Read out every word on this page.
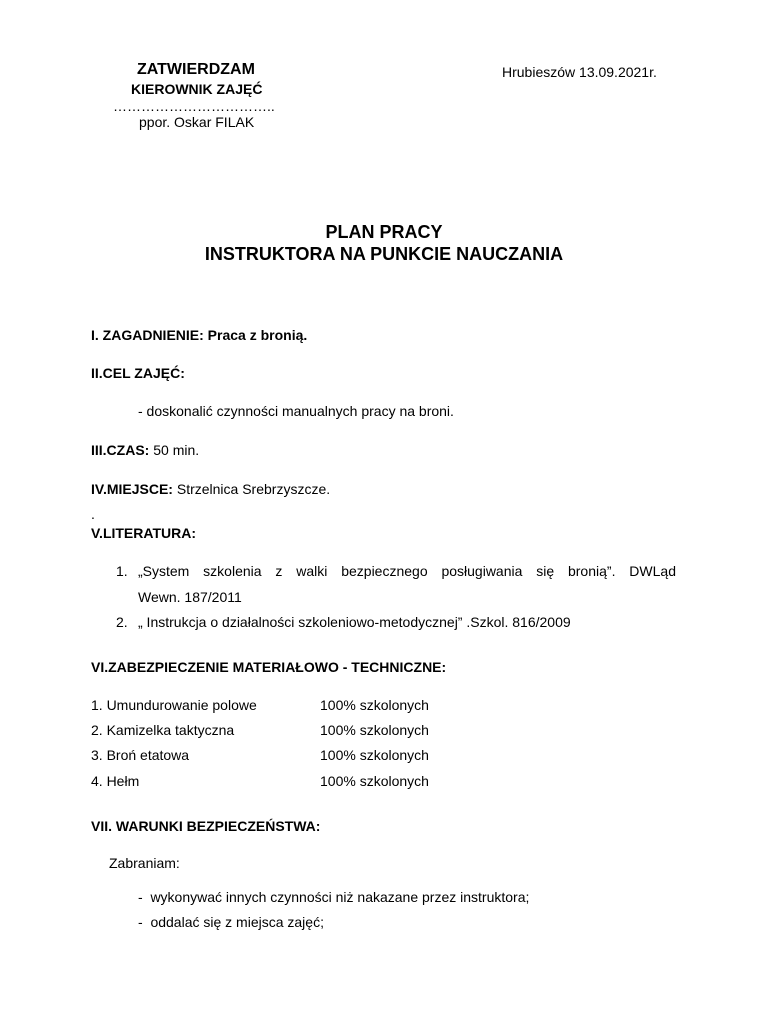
ZATWIERDZAM
KIEROWNIK ZAJĘĆ
……………………………..
ppor. Oskar FILAK
Hrubieszów 13.09.2021r.
PLAN PRACY
INSTRUKTORA NA PUNKCIE NAUCZANIA
I. ZAGADNIENIE: Praca z bronią.
II.CEL ZAJĘĆ:
- doskonalić czynności manualnych pracy na broni.
III.CZAS: 50 min.
IV.MIEJSCE: Strzelnica Srebrzyszcze.
.
V.LITERATURA:
1. „System szkolenia z walki bezpiecznego posługiwania się bronią”. DWLąd
Wewn. 187/2011
2. „ Instrukcja o działalności szkoleniowo-metodycznej” .Szkol. 816/2009
VI.ZABEZPIECZENIE MATERIAŁOWO - TECHNICZNE:
1. Umundurowanie polowe	100% szkolonych
2. Kamizelka taktyczna	100% szkolonych
3. Broń etatowa	100% szkolonych
4. Hełm	100% szkolonych
VII. WARUNKI BEZPIECZEŃSTWA:
Zabraniam:
-  wykonywać innych czynności niż nakazane przez instruktora;
-  oddalać się z miejsca zajęć;
